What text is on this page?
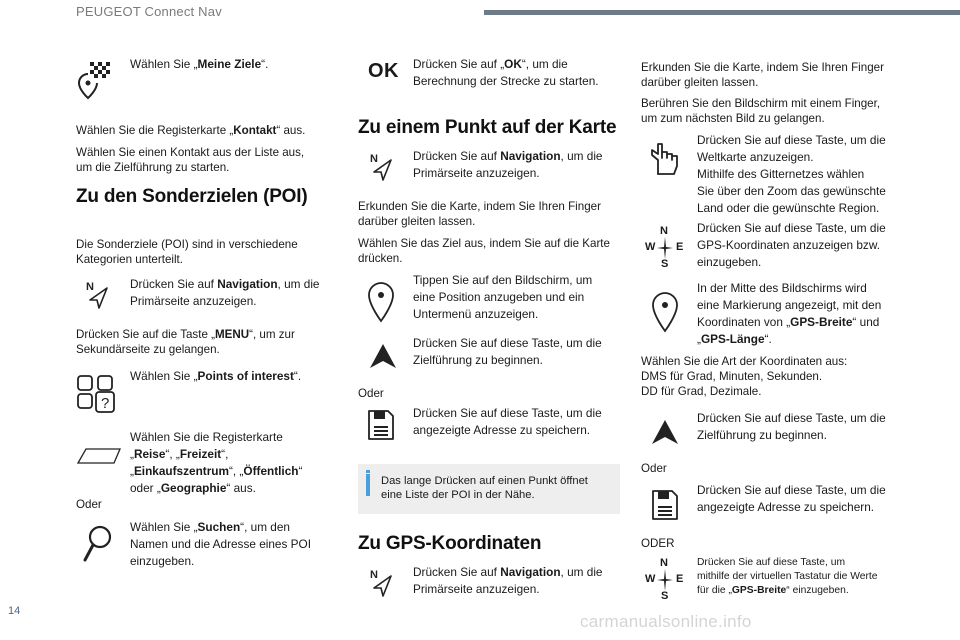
PEUGEOT Connect Nav
Wählen Sie „Meine Ziele“.
Wählen Sie die Registerkarte „Kontakt“ aus.
Wählen Sie einen Kontakt aus der Liste aus,
um die Zielführung zu starten.
Zu den Sonderzielen (POI)
Die Sonderziele (POI) sind in verschiedene
Kategorien unterteilt.
N	Drücken Sie auf Navigation, um die
Primärseite anzuzeigen.
Drücken Sie auf die Taste „MENU“, um zur
Sekundärseite zu gelangen.
?
Wählen Sie „Points of interest“.
Wählen Sie die Registerkarte
„Reise“, „Freizeit“,
„Einkaufszentrum“, „Öffentlich“
oder „Geographie“ aus.
Oder
Wählen Sie „Suchen“, um den
Namen und die Adresse eines POI
einzugeben.
OK Drücken Sie auf „OK“, um die
Berechnung der Strecke zu starten.
Zu einem Punkt auf der Karte
N	Drücken Sie auf Navigation, um die
Primärseite anzuzeigen.
Erkunden Sie die Karte, indem Sie Ihren Finger
darüber gleiten lassen.
Wählen Sie das Ziel aus, indem Sie auf die Karte
drücken.
Tippen Sie auf den Bildschirm, um
eine Position anzugeben und ein
Untermenü anzuzeigen.
Drücken Sie auf diese Taste, um die
Zielführung zu beginnen.
Oder
Drücken Sie auf diese Taste, um die
angezeigte Adresse zu speichern.
Das lange Drücken auf einen Punkt öffnet
eine Liste der POI in der Nähe.
Zu GPS-Koordinaten
N	Drücken Sie auf Navigation, um die
Primärseite anzuzeigen.
Erkunden Sie die Karte, indem Sie Ihren Finger
darüber gleiten lassen.
Berühren Sie den Bildschirm mit einem Finger,
um zum nächsten Bild zu gelangen.
Drücken Sie auf diese Taste, um die
Weltkarte anzuzeigen.
Mithilfe des Gitternetzes wählen
Sie über den Zoom das gewünschte
Land oder die gewünschte Region.
N
W E
S
Drücken Sie auf diese Taste, um die
GPS-Koordinaten anzuzeigen bzw.
einzugeben.
In der Mitte des Bildschirms wird
eine Markierung angezeigt, mit den
Koordinaten von „GPS-Breite“ und
„GPS-Länge“.
Wählen Sie die Art der Koordinaten aus:
DMS für Grad, Minuten, Sekunden.
DD für Grad, Dezimale.
Drücken Sie auf diese Taste, um die
Zielführung zu beginnen.
Oder
Drücken Sie auf diese Taste, um die
angezeigte Adresse zu speichern.
ODER
N
W E
S
Drücken Sie auf diese Taste, um
mithilfe der virtuellen Tastatur die Werte
für die „GPS-Breite“ einzugeben.
14
carmanualsonline.info
